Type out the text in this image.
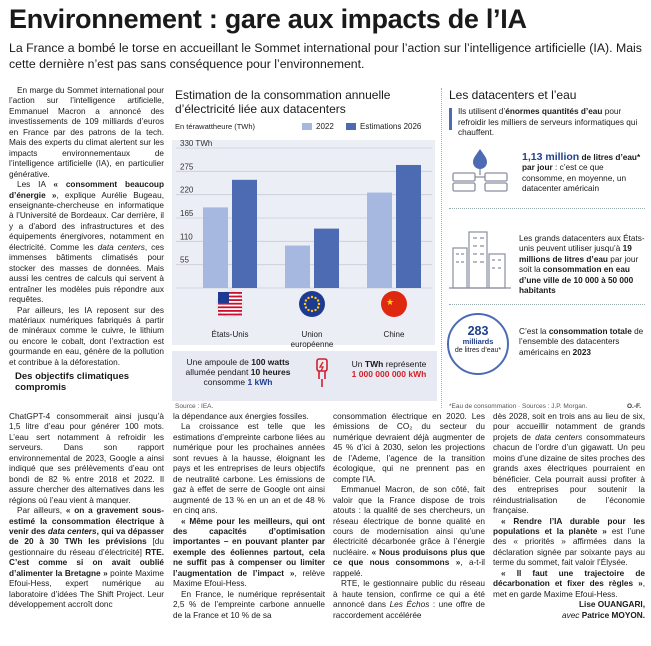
Environnement : gare aux impacts de l’IA
La France a bombé le torse en accueillant le Sommet international pour l’action sur l’intelligence artificielle (IA). Mais cette dernière n’est pas sans conséquence pour l’environnement.

En marge du Sommet international pour l’action sur l’intelligence artificielle, Emmanuel Macron a annoncé des investissements de 109 milliards d’euros en France par des patrons de la tech. Mais des experts du climat alertent sur les impacts environnementaux de l’intelligence artificielle (IA), en particulier générative.

Les IA « consomment beaucoup d’énergie », explique Aurélie Bugeau, enseignante-chercheuse en informatique à l’Université de Bordeaux. Car derrière, il y a d’abord des infrastructures et des équipements énergivores, notamment en électricité. Comme les data centers, ces immenses bâtiments climatisés pour stocker des masses de données. Mais aussi les centres de calculs qui servent à entraîner les modèles puis répondre aux requêtes.

Par ailleurs, les IA reposent sur des matériaux numériques fabriqués à partir de minéraux comme le cuivre, le lithium ou encore le cobalt, dont l’extraction est gourmande en eau, génère de la pollution et contribue à la déforestation.

Des objectifs climatiques compromis
Estimation de la consommation annuelle d’électricité liée aux datacenters
En térawattheure (TWh)	2022	Estimations 2026
55
110
165
220
275
330 TWh
★
Une ampoule de 100 watts allumée pendant 10 heures consomme 1 kWh
Un TWh représente
1 000 000 000 kWh
Source : IEA.
Les datacenters et l’eau
Ils utilisent d’énormes quantités d’eau pour refroidir les milliers de serveurs informatiques qui chauffent.
1,13 million de litres d’eau* par jour : c’est ce que consomme, en moyenne, un datacenter américain
Les grands datacenters aux États-unis peuvent utiliser jusqu’à 19 millions de litres d’eau par jour soit la consommation en eau d’une ville de 10 000 à 50 000 habitants
283
milliards
de litres d’eau*
C’est la consommation totale de l’ensemble des datacenters américains en 2023
*Eau de consommation · Sources : J.P. Morgan.	O.-F.

ChatGPT-4 consommerait ainsi jusqu’à 1,5 litre d’eau pour générer 100 mots. L’eau sert notamment à refroidir les serveurs. Dans son rapport environnemental de 2023, Google a ainsi indiqué que ses prélèvements d’eau ont bondi de 82 % entre 2018 et 2022. Il assure chercher des alternatives dans les régions où l’eau vient à manquer.

Par ailleurs, « on a gravement sous-estimé la consommation électrique à venir des data centers, qui va dépasser de 20 à 30 TWh les prévisions [du gestionnaire du réseau d’électricité] RTE. C’est comme si on avait oublié d’alimenter la Bretagne » pointe Maxime Efoui-Hess, expert numérique au laboratoire d’idées The Shift Project. Leur développement accroît donc

la dépendance aux énergies fossiles.

La croissance est telle que les estimations d’empreinte carbone liées au numérique pour les prochaines années sont revues à la hausse, éloignant les pays et les entreprises de leurs objectifs de neutralité carbone. Les émissions de gaz à effet de serre de Google ont ainsi augmenté de 13 % en un an et de 48 % en cinq ans.

« Même pour les meilleurs, qui ont des capacités d’optimisation importantes – en pouvant planter par exemple des éoliennes partout, cela ne suffit pas à compenser ou limiter l’augmentation de l’impact », relève Maxime Efoui-Hess.

En France, le numérique représentait 2,5 % de l’empreinte carbone annuelle de la France et 10 % de sa

consommation électrique en 2020. Les émissions de CO₂ du secteur du numérique devraient déjà augmenter de 45 % d’ici à 2030, selon les projections de l’Ademe, l’agence de la transition écologique, qui ne prennent pas en compte l’IA.

Emmanuel Macron, de son côté, fait valoir que la France dispose de trois atouts : la qualité de ses chercheurs, un réseau électrique de bonne qualité en cours de modernisation ainsi qu’une électricité décarbonée grâce à l’énergie nucléaire. « Nous produisons plus que ce que nous consommons », a-t-il rappelé.

RTE, le gestionnaire public du réseau à haute tension, confirme ce qui a été annoncé dans Les Échos : une offre de raccordement accélérée

dès 2028, soit en trois ans au lieu de six, pour accueillir notamment de grands projets de data centers consommateurs chacun de l’ordre d’un gigawatt. Un peu moins d’une dizaine de sites proches des grands axes électriques pourraient en bénéficier. Cela pourrait aussi profiter à des entreprises pour soutenir la réindustrialisation de l’économie française.

« Rendre l’IA durable pour les populations et la planète » est l’une des « priorités » affirmées dans la déclaration signée par soixante pays au terme du sommet, fait valoir l’Élysée.

« Il faut une trajectoire de décarbonation et fixer des règles », met en garde Maxime Efoui-Hess.

Lise OUANGARI,
avec Patrice MOYON.
États-Unis	Union européenne
Chine
